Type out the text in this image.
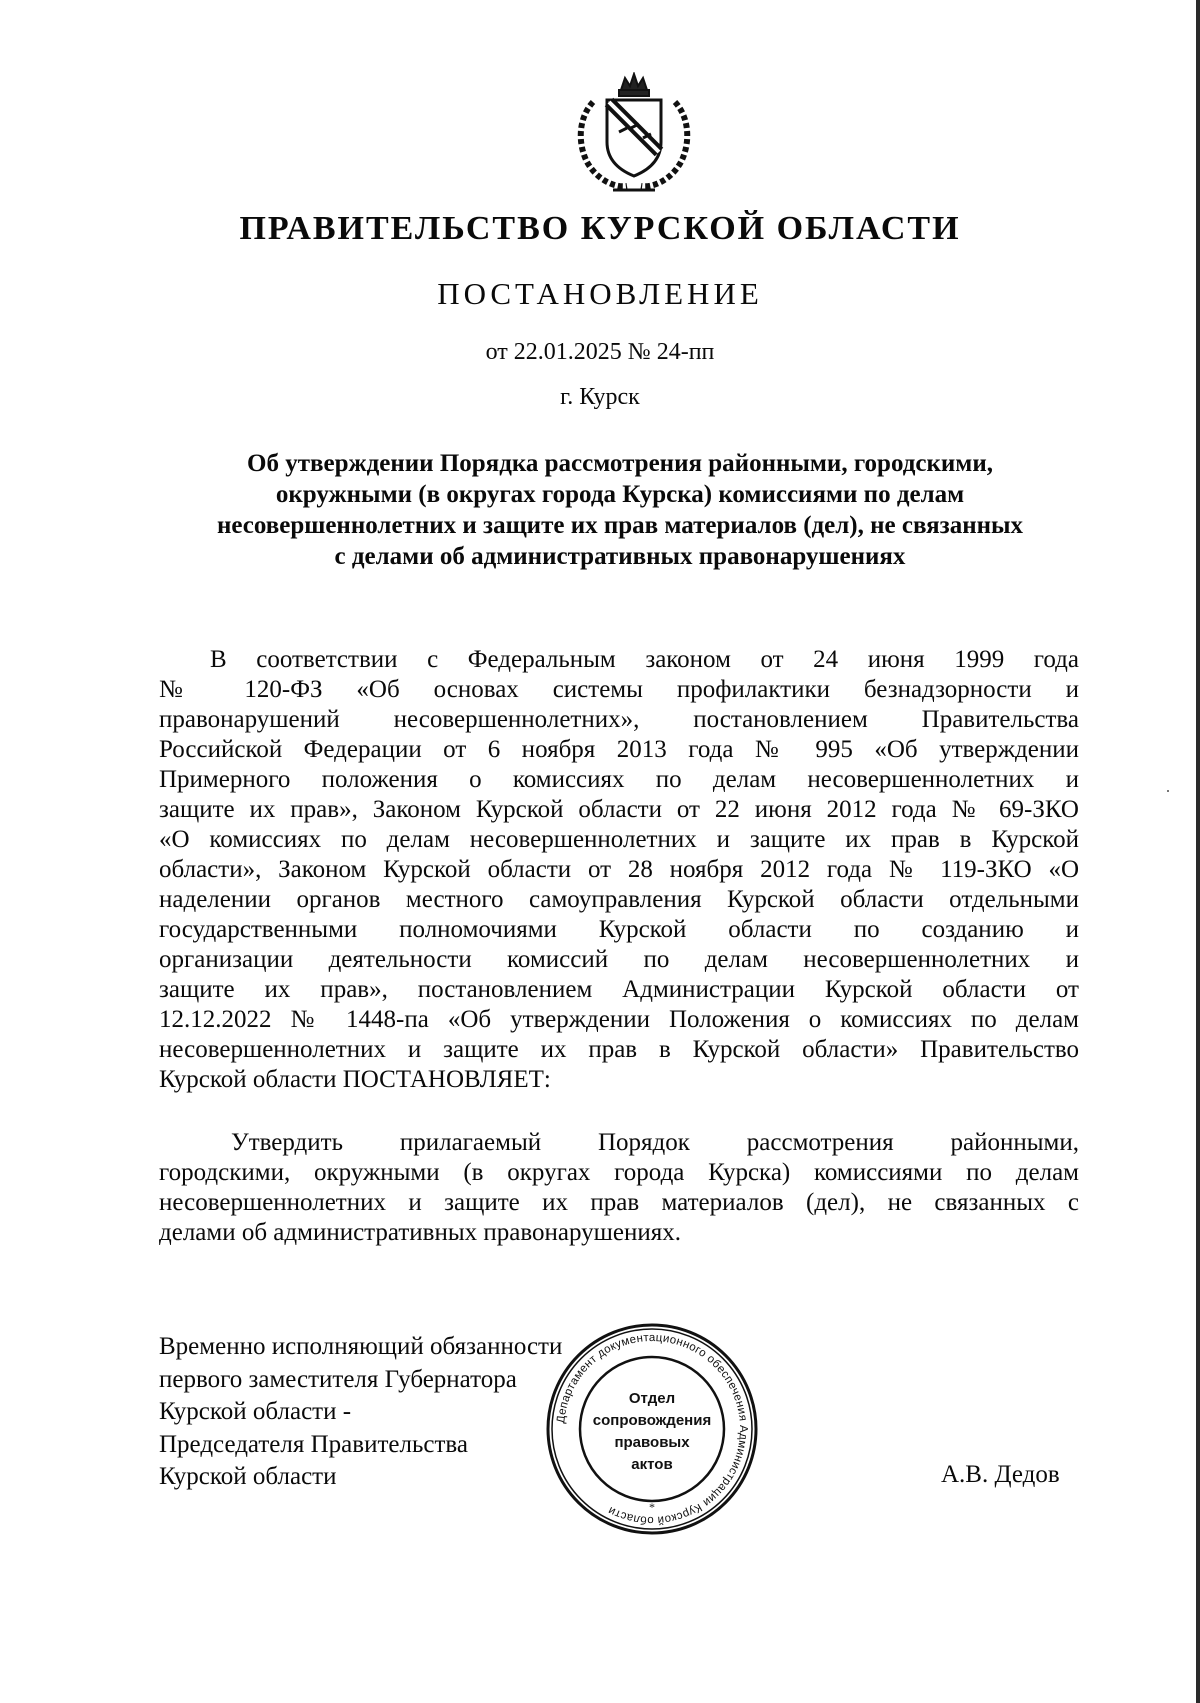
ПРАВИТЕЛЬСТВО КУРСКОЙ ОБЛАСТИ
ПОСТАНОВЛЕНИЕ
от 22.01.2025 № 24-пп
г. Курск
Об утверждении Порядка рассмотрения районными, городскими,
окружными (в округах города Курска) комиссиями по делам
несовершеннолетних и защите их прав материалов (дел), не связанных
с делами об административных правонарушениях
В соответствии с Федеральным законом от 24 июня 1999 года
№ 120-ФЗ «Об основах системы профилактики безнадзорности и
правонарушений несовершеннолетних», постановлением Правительства
Российской Федерации от 6 ноября 2013 года № 995 «Об утверждении
Примерного положения о комиссиях по делам несовершеннолетних и
защите их прав», Законом Курской области от 22 июня 2012 года № 69-ЗКО
«О комиссиях по делам несовершеннолетних и защите их прав в Курской
области», Законом Курской области от 28 ноября 2012 года № 119-ЗКО «О
наделении органов местного самоуправления Курской области отдельными
государственными полномочиями Курской области по созданию и
организации деятельности комиссий по делам несовершеннолетних и
защите их прав», постановлением Администрации Курской области от
12.12.2022 № 1448-па «Об утверждении Положения о комиссиях по делам
несовершеннолетних и защите их прав в Курской области» Правительство
Курской области ПОСТАНОВЛЯЕТ:
Утвердить прилагаемый Порядок рассмотрения районными,
городскими, окружными (в округах города Курска) комиссиями по делам
несовершеннолетних и защите их прав материалов (дел), не связанных с
делами об административных правонарушениях.
Временно исполняющий обязанности
первого заместителя Губернатора
Курской области -
Председателя Правительства
Курской области
Департамент документационного обеспечения Администрации Курской области
Отдел
сопровождения
правовых
актов
*
А.В. Дедов
